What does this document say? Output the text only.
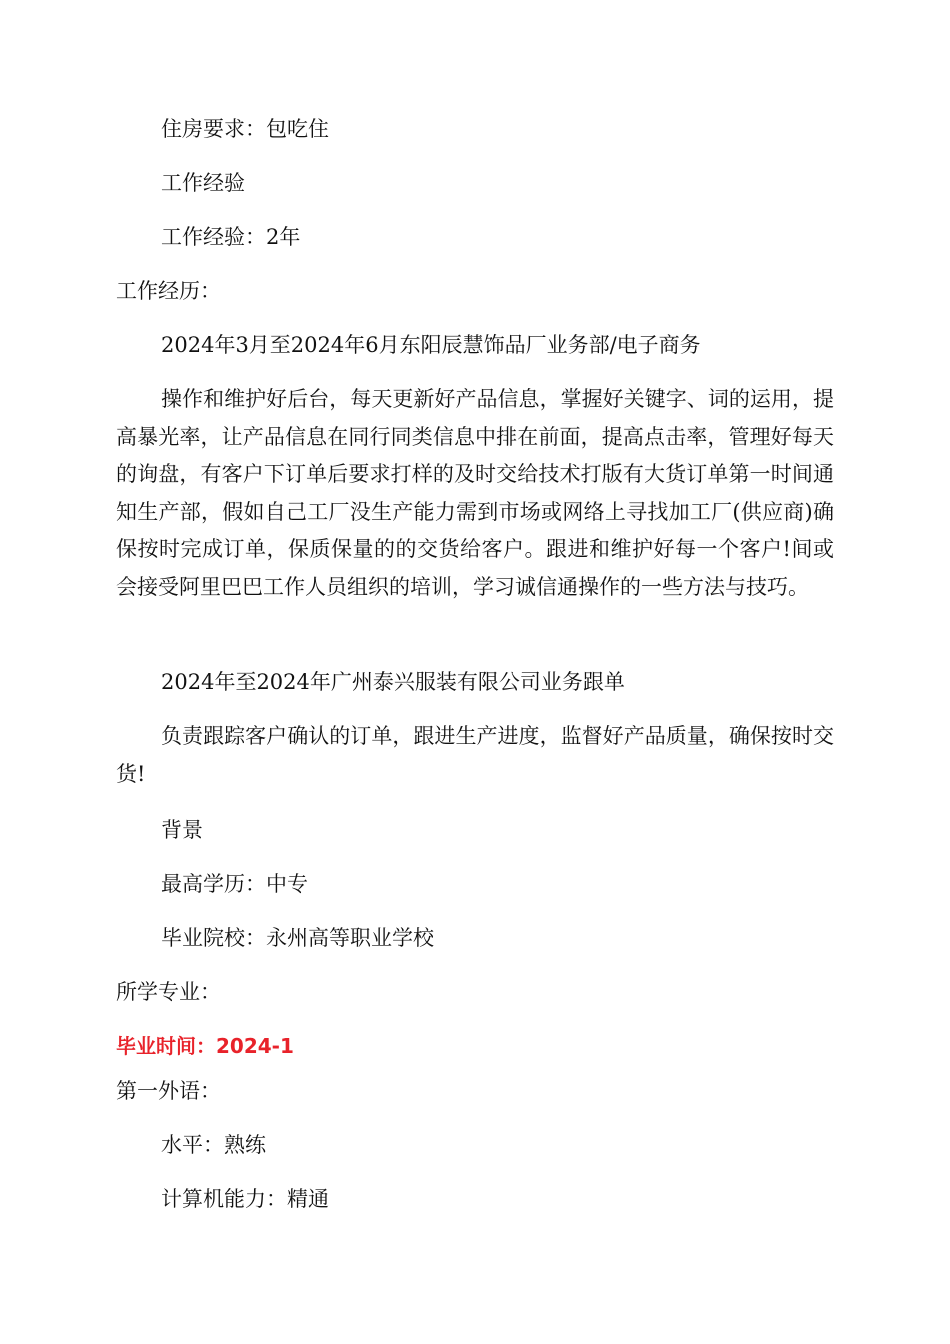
住房要求：包吃住
工作经验
工作经验：2年
工作经历：
2024年3月至2024年6月东阳辰慧饰品厂业务部/电子商务
操作和维护好后台，每天更新好产品信息，掌握好关键字、词的运用，提高暴光率，让产品信息在同行同类信息中排在前面，提高点击率，管理好每天的询盘，有客户下订单后要求打样的及时交给技术打版有大货订单第一时间通知生产部，假如自己工厂没生产能力需到市场或网络上寻找加工厂(供应商)确保按时完成订单，保质保量的的交货给客户。跟进和维护好每一个客户!间或会接受阿里巴巴工作人员组织的培训，学习诚信通操作的一些方法与技巧。
2024年至2024年广州泰兴服装有限公司业务跟单
负责跟踪客户确认的订单，跟进生产进度，监督好产品质量，确保按时交货!
背景
最高学历：中专
毕业院校：永州高等职业学校
所学专业：
毕业时间：2024-1
第一外语：
水平：熟练
计算机能力：精通
